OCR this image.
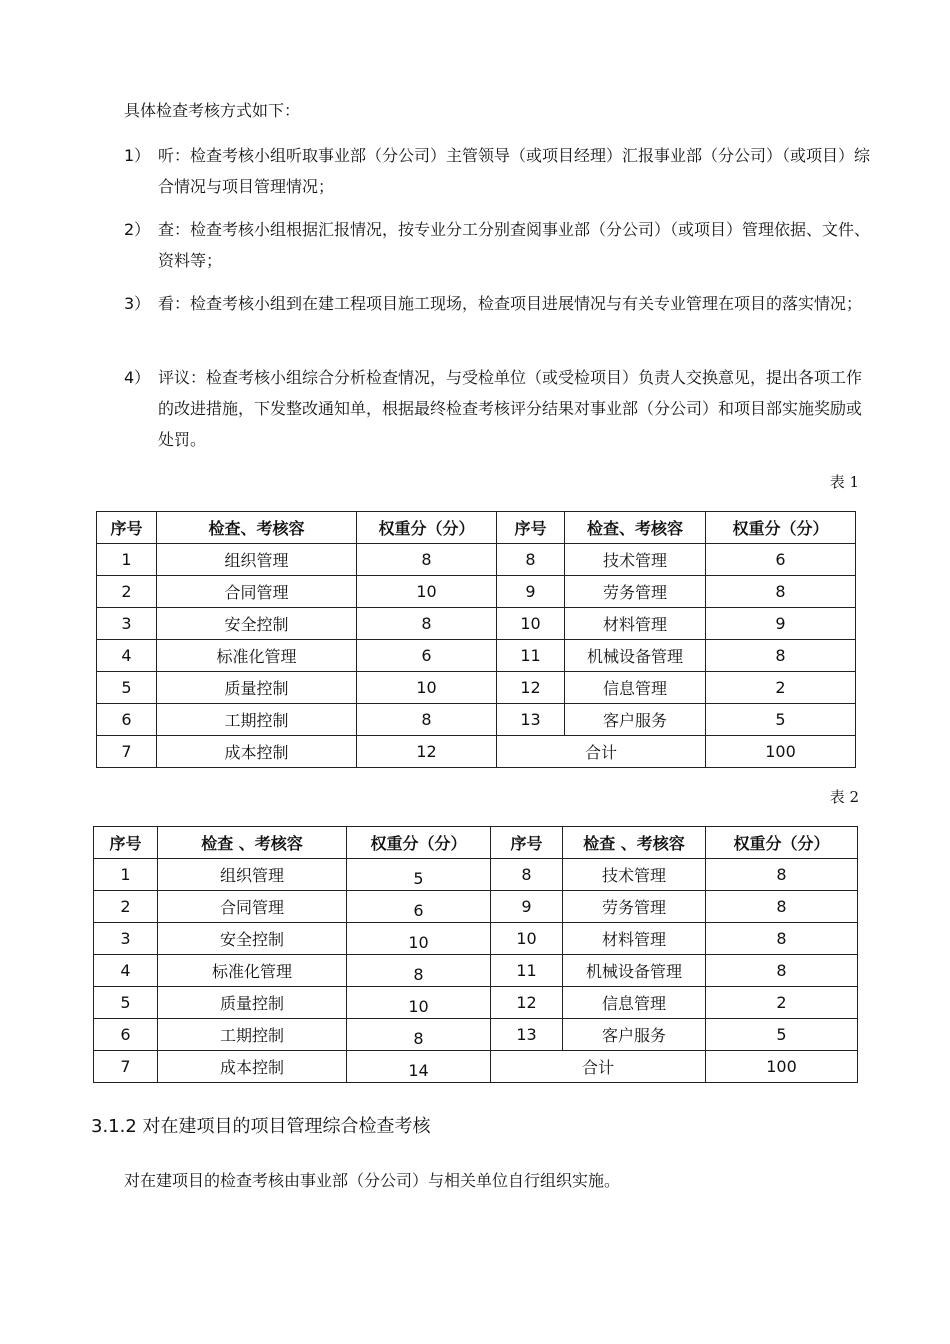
具体检查考核方式如下：
1） 听：检查考核小组听取事业部（分公司）主管领导（或项目经理）汇报事业部（分公司）（或项目）综合情况与项目管理情况；
2） 查：检查考核小组根据汇报情况，按专业分工分别查阅事业部（分公司）（或项目）管理依据、文件、资料等；
3） 看：检查考核小组到在建工程项目施工现场，检查项目进展情况与有关专业管理在项目的落实情况；
4） 评议：检查考核小组综合分析检查情况，与受检单位（或受检项目）负责人交换意见，提出各项工作的改进措施，下发整改通知单，根据最终检查考核评分结果对事业部（分公司）和项目部实施奖励或处罚。
表 1
序号	检查、考核容	权重分（分）	序号	检查、考核容	权重分（分）
1	组织管理	8	8	技术管理	6
2	合同管理	10	9	劳务管理	8
3	安全控制	8	10	材料管理	9
4	标准化管理	6	11	机械设备管理	8
5	质量控制	10	12	信息管理	2
6	工期控制	8	13	客户服务	5
7	成本控制	12	合计		100
表 2
序号	检查 、考核容	权重分（分）	序号	检查 、考核容	权重分（分）
1	组织管理	5	8	技术管理	8
2	合同管理	6	9	劳务管理	8
3	安全控制	10	10	材料管理	8
4	标准化管理	8	11	机械设备管理	8
5	质量控制	10	12	信息管理	2
6	工期控制	8	13	客户服务	5
7	成本控制	14	合计		100
3.1.2 对在建项目的项目管理综合检查考核
对在建项目的检查考核由事业部（分公司）与相关单位自行组织实施。
